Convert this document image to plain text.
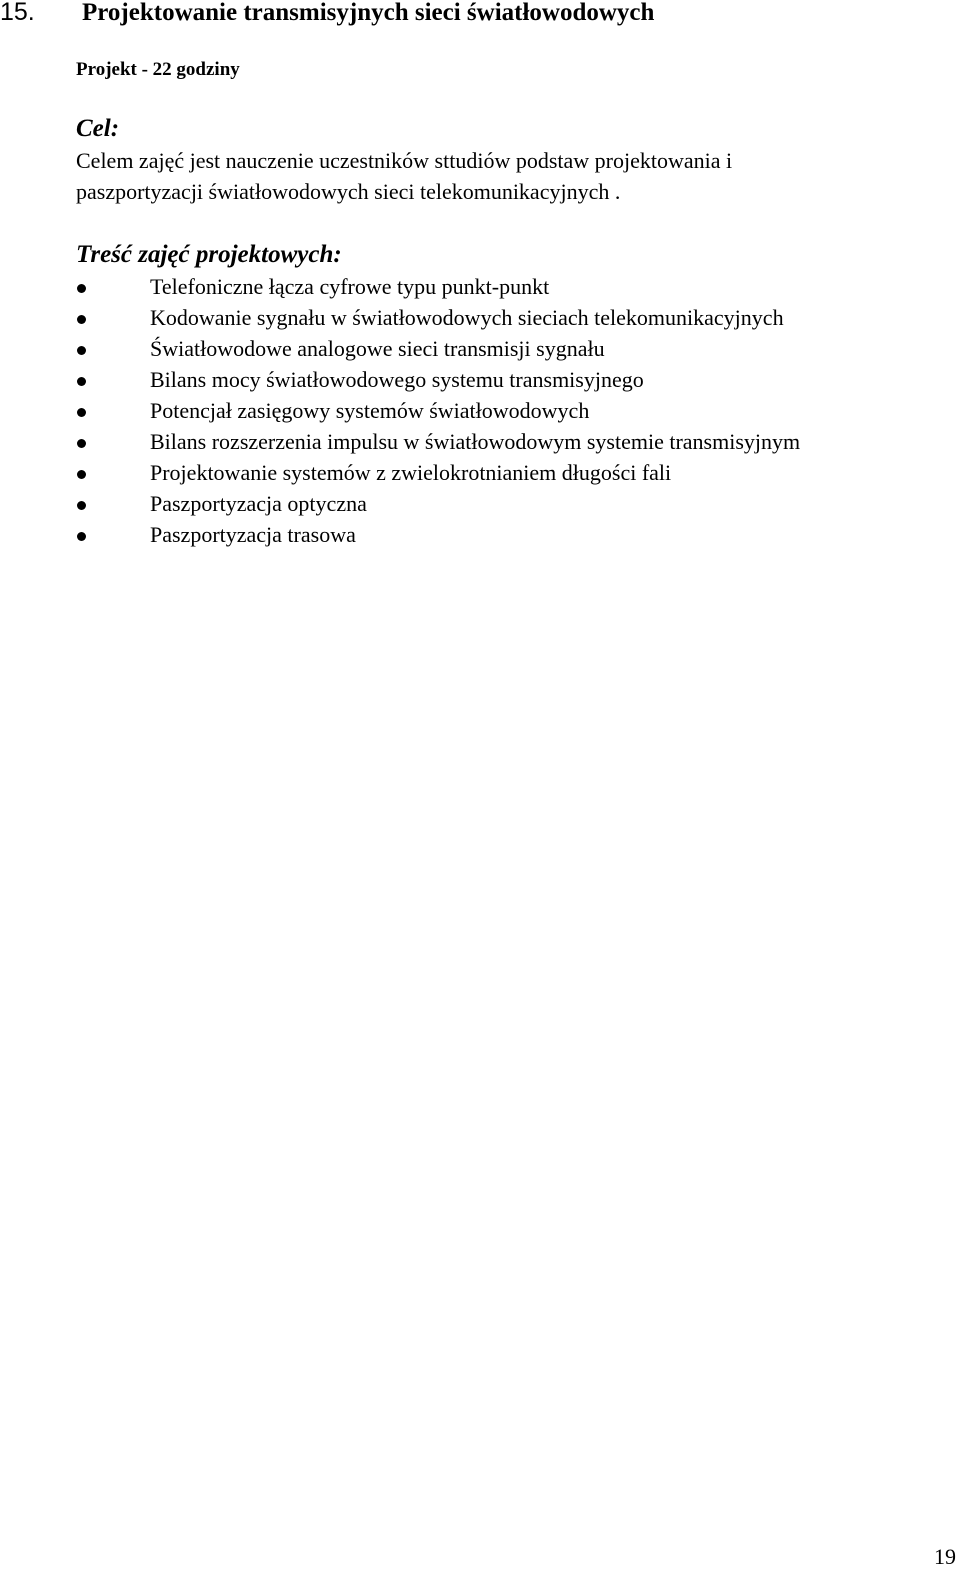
15. Projektowanie transmisyjnych sieci światłowodowych
Projekt - 22 godziny
Cel:
Celem zajęć jest nauczenie uczestników sttudiów podstaw projektowania i
paszportyzacji światłowodowych sieci telekomunikacyjnych .
Treść zajęć projektowych:
Telefoniczne łącza cyfrowe typu punkt-punkt
Kodowanie sygnału w światłowodowych sieciach telekomunikacyjnych
Światłowodowe analogowe sieci transmisji sygnału
Bilans mocy światłowodowego systemu transmisyjnego
Potencjał zasięgowy systemów światłowodowych
Bilans rozszerzenia impulsu w światłowodowym systemie transmisyjnym
Projektowanie systemów z zwielokrotnianiem długości fali
Paszportyzacja optyczna
Paszportyzacja trasowa
19
